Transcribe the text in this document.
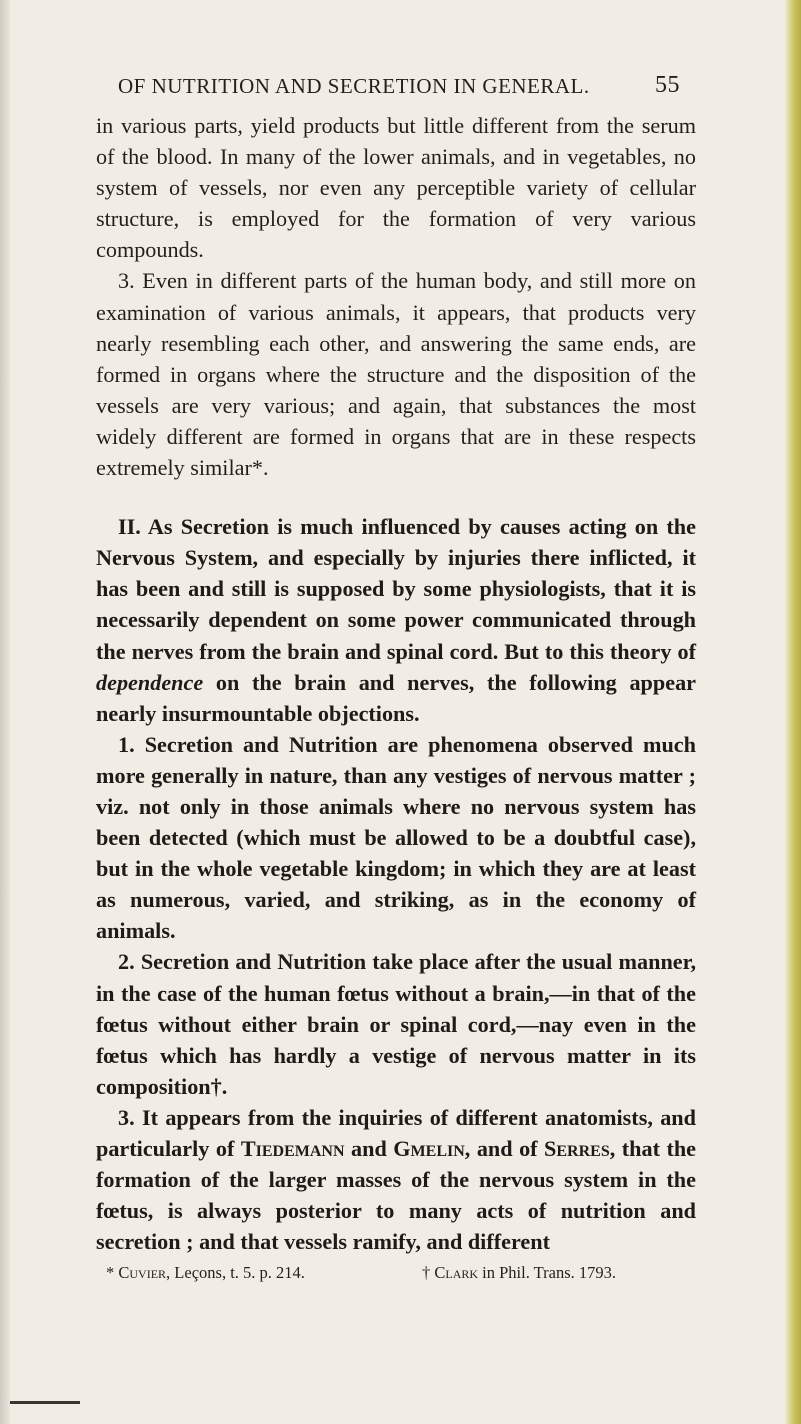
OF NUTRITION AND SECRETION IN GENERAL.	55

in various parts, yield products but little different from the serum of the blood. In many of the lower animals, and in vegetables, no system of vessels, nor even any perceptible variety of cellular structure, is employed for the formation of very various compounds.

3. Even in different parts of the human body, and still more on examination of various animals, it appears, that products very nearly resembling each other, and answering the same ends, are formed in organs where the structure and the disposition of the vessels are very various; and again, that substances the most widely different are formed in organs that are in these respects extremely similar*.

II. As Secretion is much influenced by causes acting on the Nervous System, and especially by injuries there inflicted, it has been and still is supposed by some physiologists, that it is necessarily dependent on some power communicated through the nerves from the brain and spinal cord. But to this theory of dependence on the brain and nerves, the following appear nearly insurmountable objections.

1. Secretion and Nutrition are phenomena observed much more generally in nature, than any vestiges of nervous matter ; viz. not only in those animals where no nervous system has been detected (which must be allowed to be a doubtful case), but in the whole vegetable kingdom; in which they are at least as numerous, varied, and striking, as in the economy of animals.

2. Secretion and Nutrition take place after the usual manner, in the case of the human fœtus without a brain,—in that of the fœtus without either brain or spinal cord,—nay even in the fœtus which has hardly a vestige of nervous matter in its composition†.

3. It appears from the inquiries of different anatomists, and particularly of Tiedemann and Gmelin, and of Serres, that the formation of the larger masses of the nervous system in the fœtus, is always posterior to many acts of nutrition and secretion ; and that vessels ramify, and different

* Cuvier, Leçons, t. 5. p. 214.	† Clark in Phil. Trans. 1793.
